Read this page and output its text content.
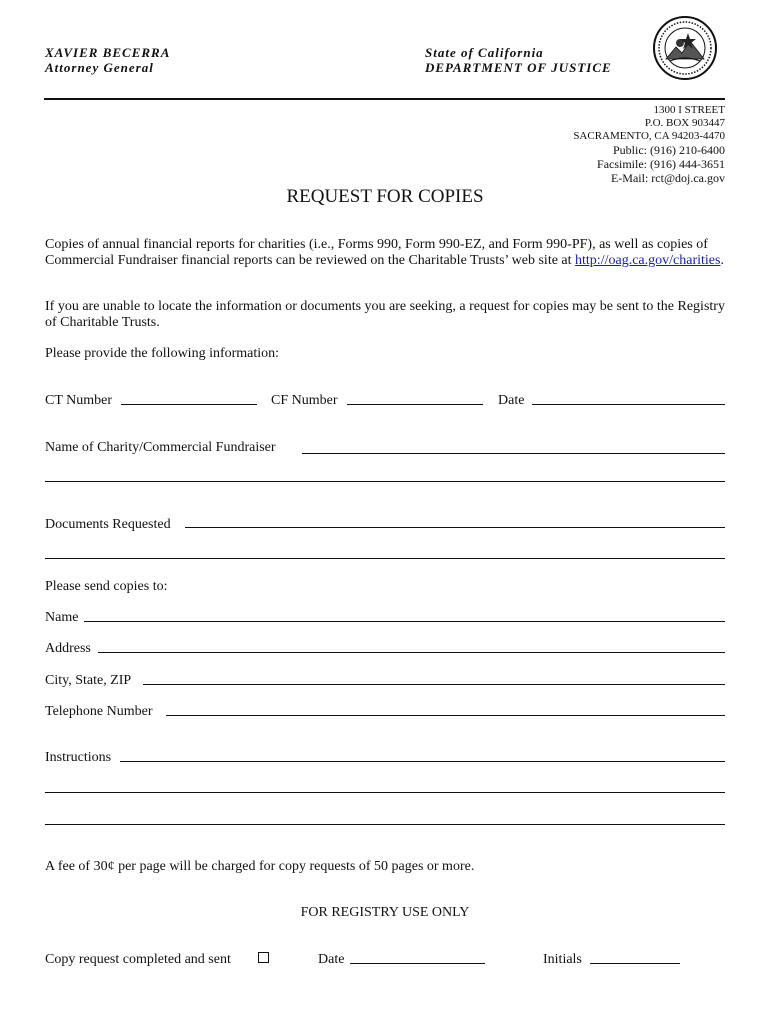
XAVIER BECERRA
Attorney General
State of California
DEPARTMENT OF JUSTICE
1300 I STREET
P.O. BOX 903447
SACRAMENTO, CA 94203-4470
Public: (916) 210-6400
Facsimile: (916) 444-3651
E-Mail: rct@doj.ca.gov
REQUEST FOR COPIES
Copies of annual financial reports for charities (i.e., Forms 990, Form 990-EZ, and Form 990-PF), as well as copies of Commercial Fundraiser financial reports can be reviewed on the Charitable Trusts’ web site at http://oag.ca.gov/charities.
If you are unable to locate the information or documents you are seeking, a request for copies may be sent to the Registry of Charitable Trusts.
Please provide the following information:
CT Number	CF Number	Date
Name of Charity/Commercial Fundraiser
Documents Requested
Please send copies to:
Name
Address
City, State, ZIP
Telephone Number
Instructions
A fee of 30¢ per page will be charged for copy requests of 50 pages or more.
FOR REGISTRY USE ONLY
Copy request completed and sent	Date	Initials
